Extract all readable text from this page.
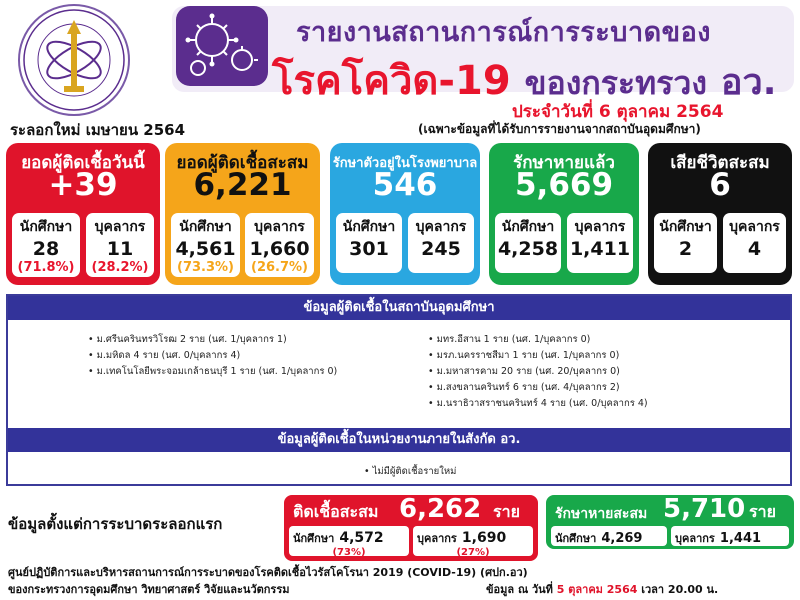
รายงานสถานการณ์การระบาดของ
โรคโควิด-19 ของกระทรวง อว.
ประจำวันที่ 6 ตุลาคม 2564
ระลอกใหม่ เมษายน 2564	(เฉพาะข้อมูลที่ได้รับการรายงานจากสถาบันอุดมศึกษา)
ยอดผู้ติดเชื้อวันนี้
+39
นักศึกษา
28
(71.8%)
บุคลากร
11
(28.2%)
ยอดผู้ติดเชื้อสะสม
6,221
นักศึกษา
4,561
(73.3%)
บุคลากร
1,660
(26.7%)
รักษาตัวอยู่ในโรงพยาบาล
546
นักศึกษา
301
บุคลากร
245
รักษาหายแล้ว
5,669
นักศึกษา
4,258
บุคลากร
1,411
เสียชีวิตสะสม
6
นักศึกษา
2
บุคลากร
4
ข้อมูลผู้ติดเชื้อในสถาบันอุดมศึกษา
• ม.ศรีนครินทรวิโรฒ 2 ราย (นศ. 1/บุคลากร 1)
• ม.มหิดล 4 ราย (นศ. 0/บุคลากร 4)
• ม.เทคโนโลยีพระจอมเกล้าธนบุรี 1 ราย (นศ. 1/บุคลากร 0)
• มทร.อีสาน 1 ราย (นศ. 1/บุคลากร 0)
• มรภ.นครราชสีมา 1 ราย (นศ. 1/บุคลากร 0)
• ม.มหาสารคาม 20 ราย (นศ. 20/บุคลากร 0)
• ม.สงขลานครินทร์ 6 ราย (นศ. 4/บุคลากร 2)
• ม.นราธิวาสราชนครินทร์ 4 ราย (นศ. 0/บุคลากร 4)
ข้อมูลผู้ติดเชื้อในหน่วยงานภายในสังกัด อว.
• ไม่มีผู้ติดเชื้อรายใหม่
ข้อมูลตั้งแต่การระบาดระลอกแรก
ติดเชื้อสะสม 6,262 ราย
นักศึกษา 4,572
(73%)
บุคลากร 1,690
(27%)
รักษาหายสะสม 5,710 ราย
นักศึกษา 4,269	บุคลากร 1,441
ศูนย์ปฏิบัติการและบริหารสถานการณ์การระบาดของโรคติดเชื้อไวรัสโคโรนา 2019 (COVID-19) (ศปก.อว)
ของกระทรวงการอุดมศึกษา วิทยาศาสตร์ วิจัยและนวัตกรรม	ข้อมูล ณ วันที่ 5 ตุลาคม 2564 เวลา 20.00 น.
